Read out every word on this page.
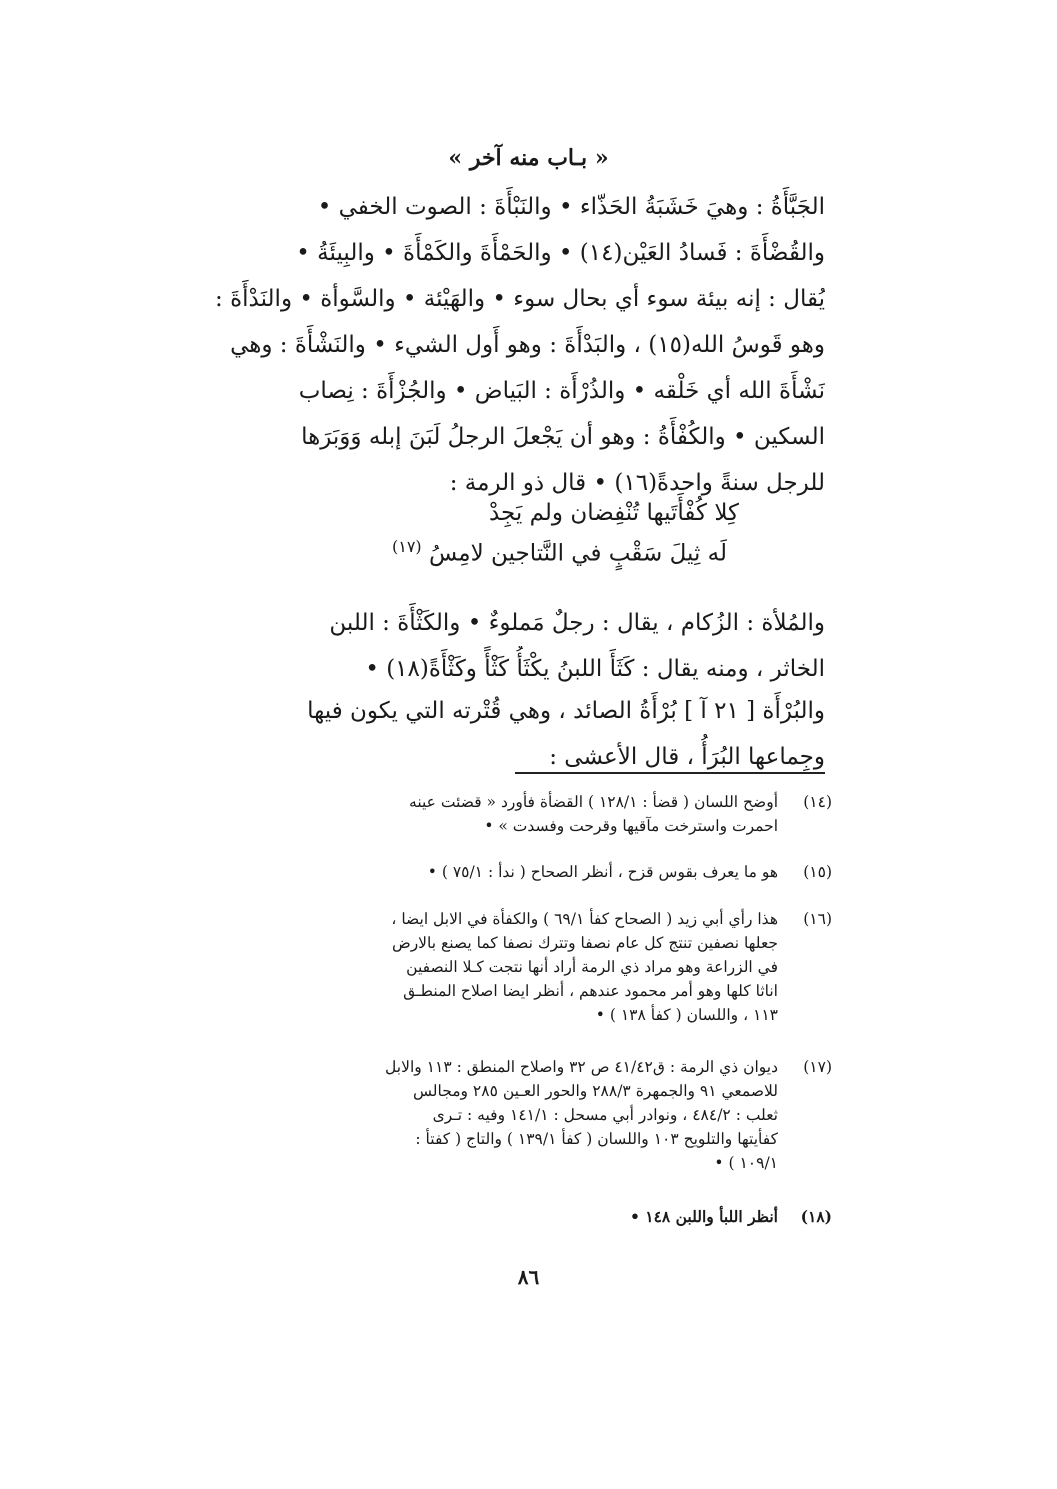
« بـاب منه آخر »
الجَبَّأَةُ : وهيَ خَشَبَةُ الحَذّاء • والنَبْأَةَ : الصوت الخفي •
والقُضْأَةَ : فَسادُ العَيْن(١٤) • والحَمْأَةَ والكَمْأَةَ • والبِيئَةُ •
يُقال : إنه بيئة سوء أي بحال سوء • والهَيْئة • والسَّوأة • والنَدْأَةَ :
وهو قَوسُ الله(١٥) ، والبَدْأَةَ : وهو أَول الشيء • والنَشْأَةَ : وهي
نَشْأَةَ الله أي خَلْقه • والذُرْأَة : البَياض • والجُزْأَةَ : نِصاب
السكين • والكُفْأَةُ : وهو أن يَجْعلَ الرجلُ لَبَنَ إبله وَوَبَرَها
للرجل سنةً واحدةً(١٦) • قال ذو الرمة :
كِلا كُفْأَتَيها تُنْفِضان ولم يَجِدْ
لَه ثِيلَ سَقْبٍ في النَّتاجين لامِسُ $^{(١٧)}$
والمُلأة : الزُكام ، يقال : رجلٌ مَملوءٌ • والكَثْأَةَ : اللبن
الخاثر ، ومنه يقال : كَثَأَ اللبنُ يكْثَأُ كَثْأً وكَثْأَةً(١٨) •
والبُرْأَة [ ٢١ آ ] بُرْأَةُ الصائد ، وهي قُتْرته التي يكون فيها
وجِماعها البُرَأُ ، قال الأعشى :
(١٤)
أوضح اللسان ( قضأ : ١٢٨/١ ) القضأة فأورد « قضئت عينه
احمرت واسترخت مآقيها وقرحت وفسدت » •
(١٥)
هو ما يعرف بقوس قزح ، أنظر الصحاح ( ندأ : ٧٥/١ ) •
(١٦)
هذا رأي أبي زيد ( الصحاح كفأ ٦٩/١ ) والكفأة في الابل ايضا ،
جعلها نصفين تنتج كل عام نصفا وتترك نصفا كما يصنع بالارض
في الزراعة وهو مراد ذي الرمة أراد أنها نتجت كـلا النصفين
اناثا كلها وهو أمر محمود عندهم ، أنظر ايضا اصلاح المنطـق
١١٣ ، واللسان ( كفأ ١٣٨ ) •
(١٧)
ديوان ذي الرمة : ق٤١/٤٢ ص ٣٢ واصلاح المنطق : ١١٣ والابل
للاصمعي ٩١ والجمهرة ٢٨٨/٣ والحور العـين ٢٨٥ ومجالس
ثعلب : ٤٨٤/٢ ، ونوادر أبي مسحل : ١٤١/١ وفيه : تـرى
كفأيتها والتلويح ١٠٣ واللسان ( كفأ ١٣٩/١ ) والتاج ( كفتأ :
١٠٩/١ ) •
(١٨)
أنظر اللبأ واللبن ١٤٨ •
٨٦
